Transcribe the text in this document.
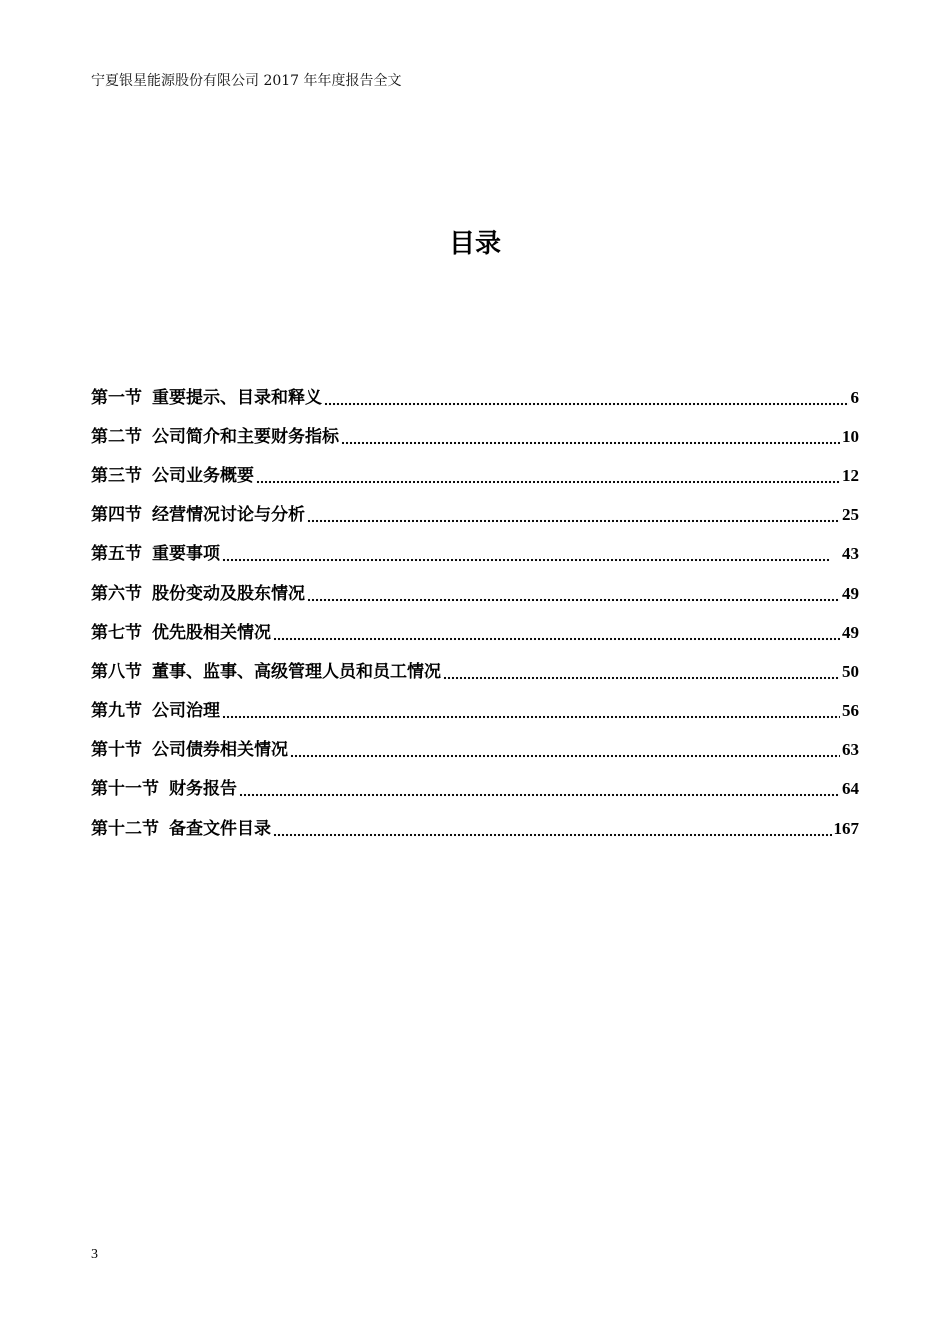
宁夏银星能源股份有限公司 2017 年年度报告全文
目录
第一节 重要提示、目录和释义	6
第二节 公司简介和主要财务指标	10
第三节 公司业务概要	12
第四节 经营情况讨论与分析	25
第五节 重要事项	43
第六节 股份变动及股东情况	49
第七节 优先股相关情况	49
第八节 董事、监事、高级管理人员和员工情况	50
第九节 公司治理	56
第十节 公司债券相关情况	63
第十一节 财务报告	64
第十二节 备查文件目录	167
3
